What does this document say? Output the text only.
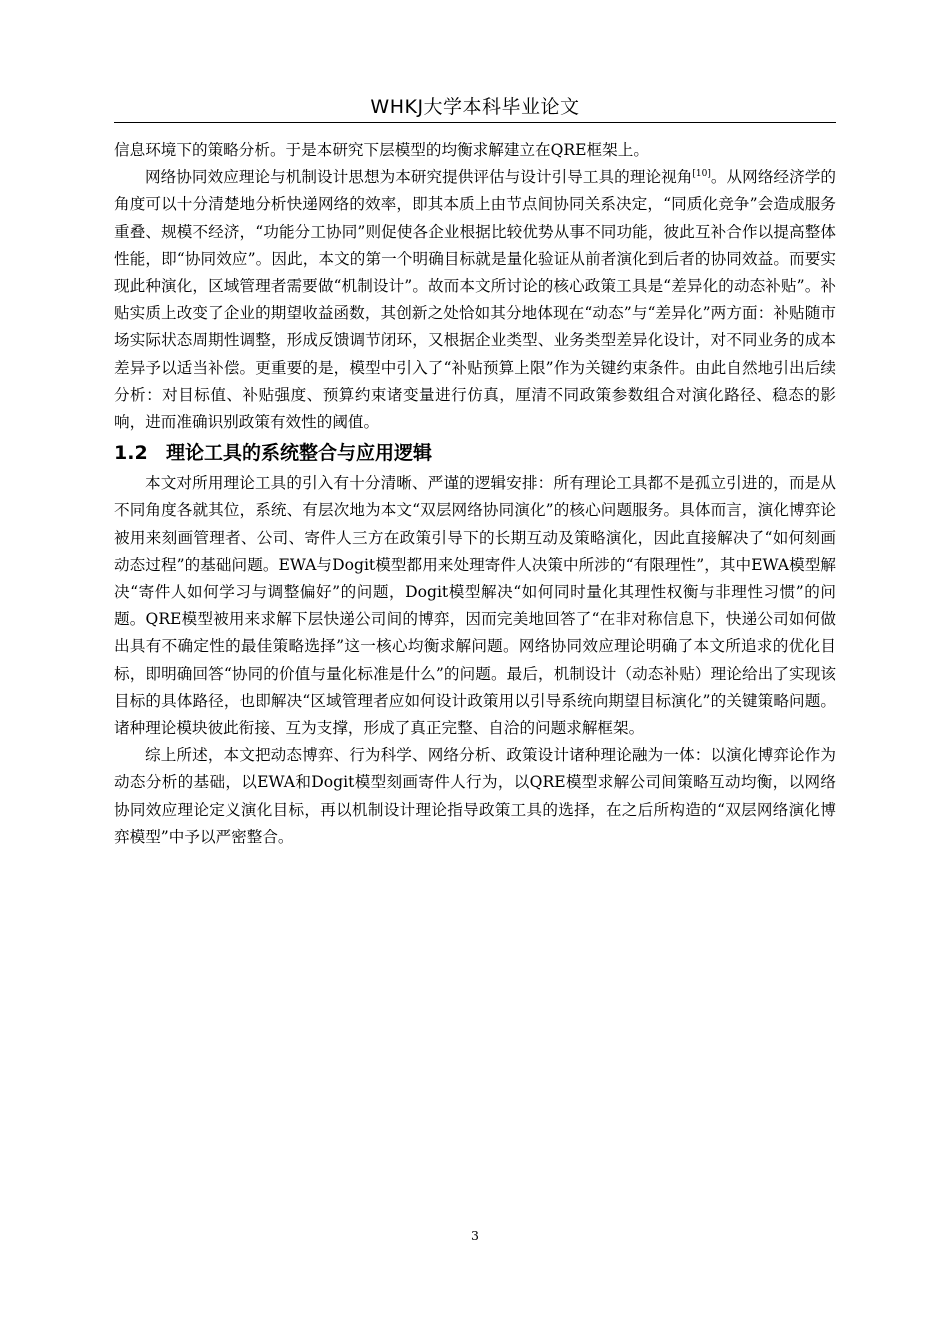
WHKJ大学本科毕业论文

信息环境下的策略分析。于是本研究下层模型的均衡求解建立在QRE框架上。

网络协同效应理论与机制设计思想为本研究提供评估与设计引导工具的理论视角[10]。从网络经济学的角度可以十分清楚地分析快递网络的效率，即其本质上由节点间协同关系决定，“同质化竞争”会造成服务重叠、规模不经济，“功能分工协同”则促使各企业根据比较优势从事不同功能，彼此互补合作以提高整体性能，即“协同效应”。因此，本文的第一个明确目标就是量化验证从前者演化到后者的协同效益。而要实现此种演化，区域管理者需要做“机制设计”。故而本文所讨论的核心政策工具是“差异化的动态补贴”。补贴实质上改变了企业的期望收益函数，其创新之处恰如其分地体现在“动态”与“差异化”两方面：补贴随市场实际状态周期性调整，形成反馈调节闭环，又根据企业类型、业务类型差异化设计，对不同业务的成本差异予以适当补偿。更重要的是，模型中引入了“补贴预算上限”作为关键约束条件。由此自然地引出后续分析：对目标值、补贴强度、预算约束诸变量进行仿真，厘清不同政策参数组合对演化路径、稳态的影响，进而准确识别政策有效性的阈值。

1.2 理论工具的系统整合与应用逻辑

本文对所用理论工具的引入有十分清晰、严谨的逻辑安排：所有理论工具都不是孤立引进的，而是从不同角度各就其位，系统、有层次地为本文“双层网络协同演化”的核心问题服务。具体而言，演化博弈论被用来刻画管理者、公司、寄件人三方在政策引导下的长期互动及策略演化，因此直接解决了“如何刻画动态过程”的基础问题。EWA与Dogit模型都用来处理寄件人决策中所涉的“有限理性”，其中EWA模型解决“寄件人如何学习与调整偏好”的问题，Dogit模型解决“如何同时量化其理性权衡与非理性习惯”的问题。QRE模型被用来求解下层快递公司间的博弈，因而完美地回答了“在非对称信息下，快递公司如何做出具有不确定性的最佳策略选择”这一核心均衡求解问题。网络协同效应理论明确了本文所追求的优化目标，即明确回答“协同的价值与量化标准是什么”的问题。最后，机制设计（动态补贴）理论给出了实现该目标的具体路径，也即解决“区域管理者应如何设计政策用以引导系统向期望目标演化”的关键策略问题。诸种理论模块彼此衔接、互为支撑，形成了真正完整、自洽的问题求解框架。

综上所述，本文把动态博弈、行为科学、网络分析、政策设计诸种理论融为一体：以演化博弈论作为动态分析的基础，以EWA和Dogit模型刻画寄件人行为，以QRE模型求解公司间策略互动均衡，以网络协同效应理论定义演化目标，再以机制设计理论指导政策工具的选择，在之后所构造的“双层网络演化博弈模型”中予以严密整合。

3
